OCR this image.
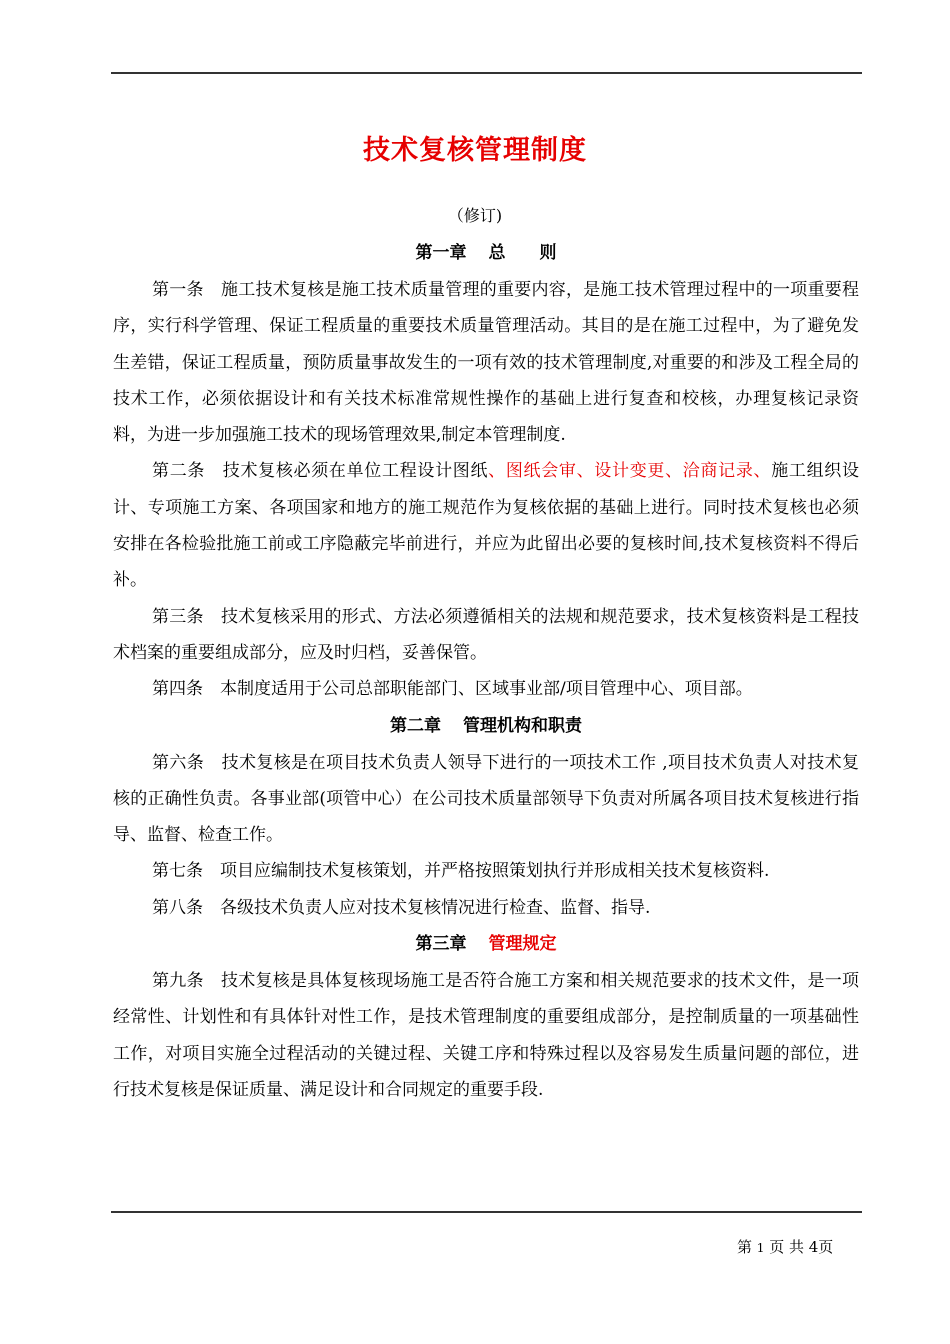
技术复核管理制度
（修订)
第一章 总　　则

第一条　施工技术复核是施工技术质量管理的重要内容，是施工技术管理过程中的一项重要程序，实行科学管理、保证工程质量的重要技术质量管理活动。其目的是在施工过程中，为了避免发生差错，保证工程质量，预防质量事故发生的一项有效的技术管理制度,对重要的和涉及工程全局的技术工作，必须依据设计和有关技术标准常规性操作的基础上进行复查和校核，办理复核记录资料，为进一步加强施工技术的现场管理效果,制定本管理制度.

第二条　技术复核必须在单位工程设计图纸、图纸会审、设计变更、洽商记录、施工组织设计、专项施工方案、各项国家和地方的施工规范作为复核依据的基础上进行。同时技术复核也必须安排在各检验批施工前或工序隐蔽完毕前进行，并应为此留出必要的复核时间,技术复核资料不得后补。

第三条　技术复核采用的形式、方法必须遵循相关的法规和规范要求，技术复核资料是工程技术档案的重要组成部分，应及时归档，妥善保管。

第四条　本制度适用于公司总部职能部门、区域事业部/项目管理中心、项目部。

第二章 管理机构和职责

第六条　技术复核是在项目技术负责人领导下进行的一项技术工作 ,项目技术负责人对技术复核的正确性负责。各事业部(项管中心）在公司技术质量部领导下负责对所属各项目技术复核进行指导、监督、检查工作。

第七条　项目应编制技术复核策划，并严格按照策划执行并形成相关技术复核资料.

第八条　各级技术负责人应对技术复核情况进行检查、监督、指导.

第三章 管理规定

第九条　技术复核是具体复核现场施工是否符合施工方案和相关规范要求的技术文件，是一项经常性、计划性和有具体针对性工作，是技术管理制度的重要组成部分，是控制质量的一项基础性工作，对项目实施全过程活动的关键过程、关键工序和特殊过程以及容易发生质量问题的部位，进行技术复核是保证质量、满足设计和合同规定的重要手段.

第 1 页 共 4页
